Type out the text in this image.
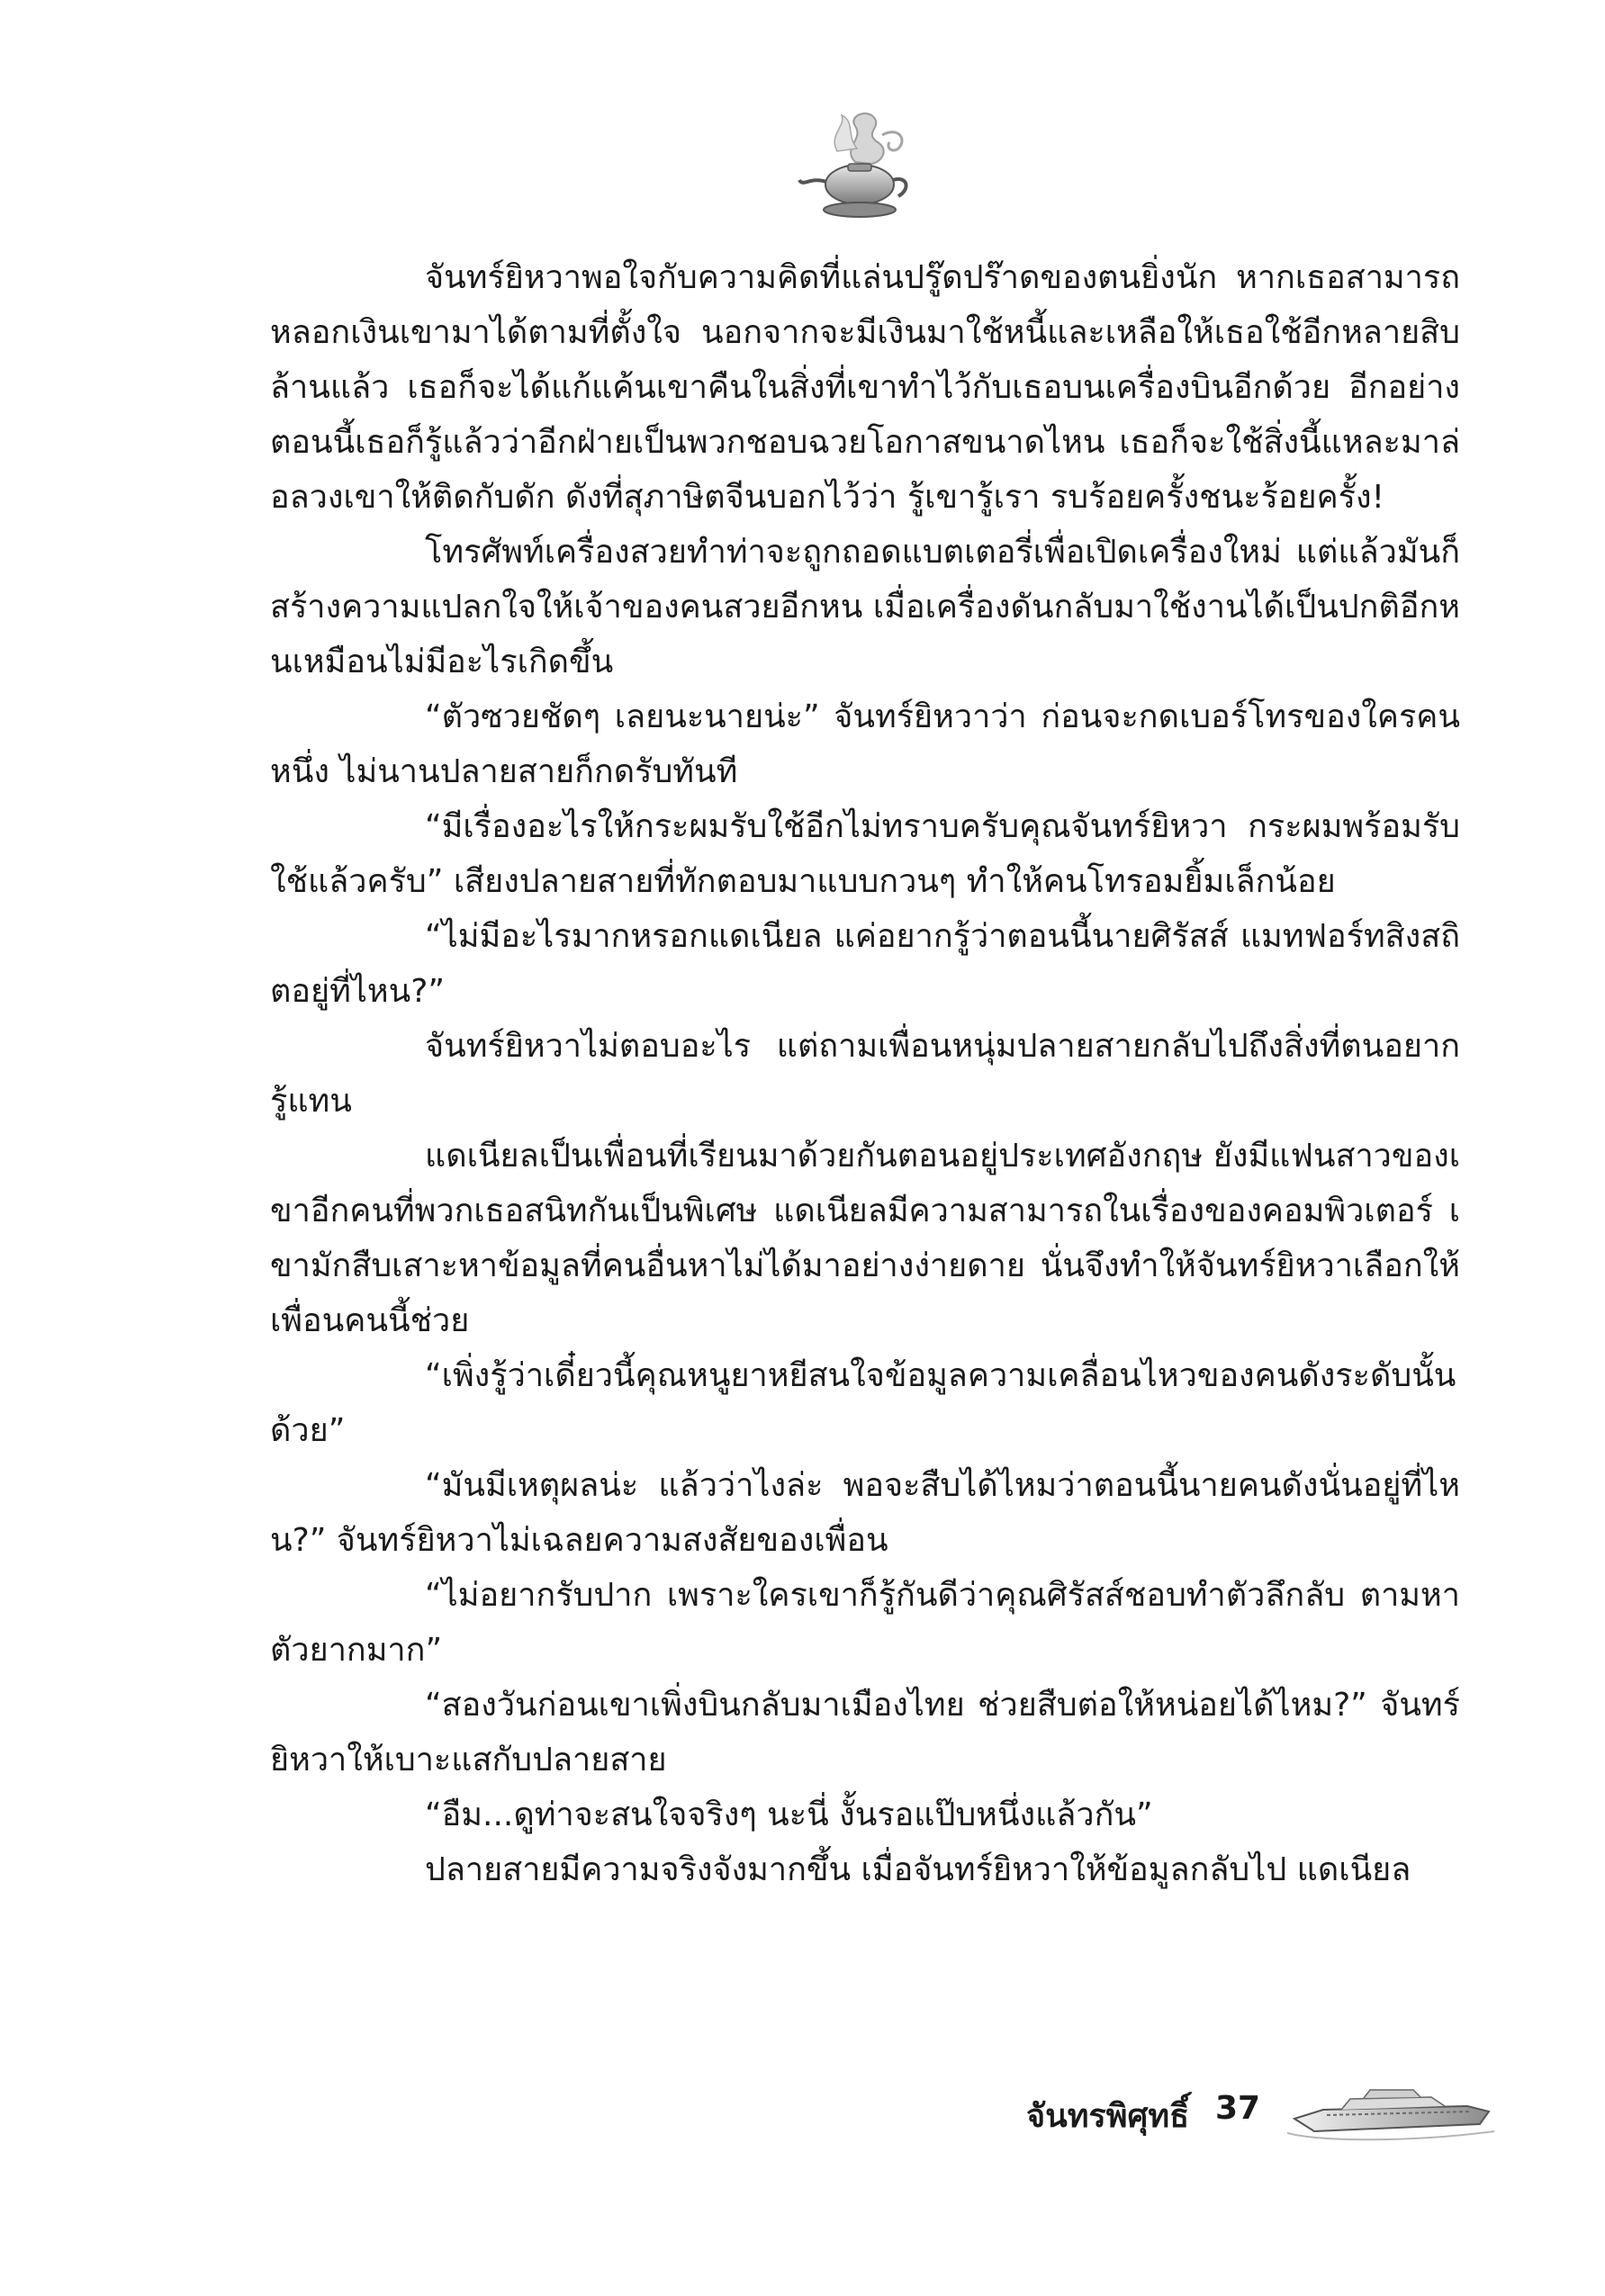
จันทร์ยิหวาพอใจกับความคิดที่แล่นปรู๊ดปร๊าดของตนยิ่งนัก หากเธอสามารถหลอกเงินเขามาได้ตามที่ตั้งใจ นอกจากจะมีเงินมาใช้หนี้และเหลือให้เธอใช้อีกหลายสิบล้านแล้ว เธอก็จะได้แก้แค้นเขาคืนในสิ่งที่เขาทำไว้กับเธอบนเครื่องบินอีกด้วย อีกอย่างตอนนี้เธอก็รู้แล้วว่าอีกฝ่ายเป็นพวกชอบฉวยโอกาสขนาดไหน เธอก็จะใช้สิ่งนี้แหละมาล่อลวงเขาให้ติดกับดัก ดังที่สุภาษิตจีนบอกไว้ว่า รู้เขารู้เรา รบร้อยครั้งชนะร้อยครั้ง!

โทรศัพท์เครื่องสวยทำท่าจะถูกถอดแบตเตอรี่เพื่อเปิดเครื่องใหม่ แต่แล้วมันก็สร้างความแปลกใจให้เจ้าของคนสวยอีกหน เมื่อเครื่องดันกลับมาใช้งานได้เป็นปกติอีกหนเหมือนไม่มีอะไรเกิดขึ้น

“ตัวซวยชัดๆ เลยนะนายน่ะ” จันทร์ยิหวาว่า ก่อนจะกดเบอร์โทรของใครคนหนึ่ง ไม่นานปลายสายก็กดรับทันที

“มีเรื่องอะไรให้กระผมรับใช้อีกไม่ทราบครับคุณจันทร์ยิหวา กระผมพร้อมรับใช้แล้วครับ” เสียงปลายสายที่ทักตอบมาแบบกวนๆ ทำให้คนโทรอมยิ้มเล็กน้อย

“ไม่มีอะไรมากหรอกแดเนียล แค่อยากรู้ว่าตอนนี้นายศิรัสส์ แมทฟอร์ทสิงสถิตอยู่ที่ไหน?”

จันทร์ยิหวาไม่ตอบอะไร แต่ถามเพื่อนหนุ่มปลายสายกลับไปถึงสิ่งที่ตนอยากรู้แทน

แดเนียลเป็นเพื่อนที่เรียนมาด้วยกันตอนอยู่ประเทศอังกฤษ ยังมีแฟนสาวของเขาอีกคนที่พวกเธอสนิทกันเป็นพิเศษ แดเนียลมีความสามารถในเรื่องของคอมพิวเตอร์ เขามักสืบเสาะหาข้อมูลที่คนอื่นหาไม่ได้มาอย่างง่ายดาย นั่นจึงทำให้จันทร์ยิหวาเลือกให้เพื่อนคนนี้ช่วย

“เพิ่งรู้ว่าเดี๋ยวนี้คุณหนูยาหยีสนใจข้อมูลความเคลื่อนไหวของคนดังระดับนั้นด้วย”

“มันมีเหตุผลน่ะ แล้วว่าไงล่ะ พอจะสืบได้ไหมว่าตอนนี้นายคนดังนั่นอยู่ที่ไหน?” จันทร์ยิหวาไม่เฉลยความสงสัยของเพื่อน

“ไม่อยากรับปาก เพราะใครเขาก็รู้กันดีว่าคุณศิรัสส์ชอบทำตัวลึกลับ ตามหาตัวยากมาก”

“สองวันก่อนเขาเพิ่งบินกลับมาเมืองไทย ช่วยสืบต่อให้หน่อยได้ไหม?” จันทร์ยิหวาให้เบาะแสกับปลายสาย

“อืม...ดูท่าจะสนใจจริงๆ นะนี่ งั้นรอแป๊บหนึ่งแล้วกัน”

ปลายสายมีความจริงจังมากขึ้น เมื่อจันทร์ยิหวาให้ข้อมูลกลับไป แดเนียล

จันทรพิศุทธิ์ 37
